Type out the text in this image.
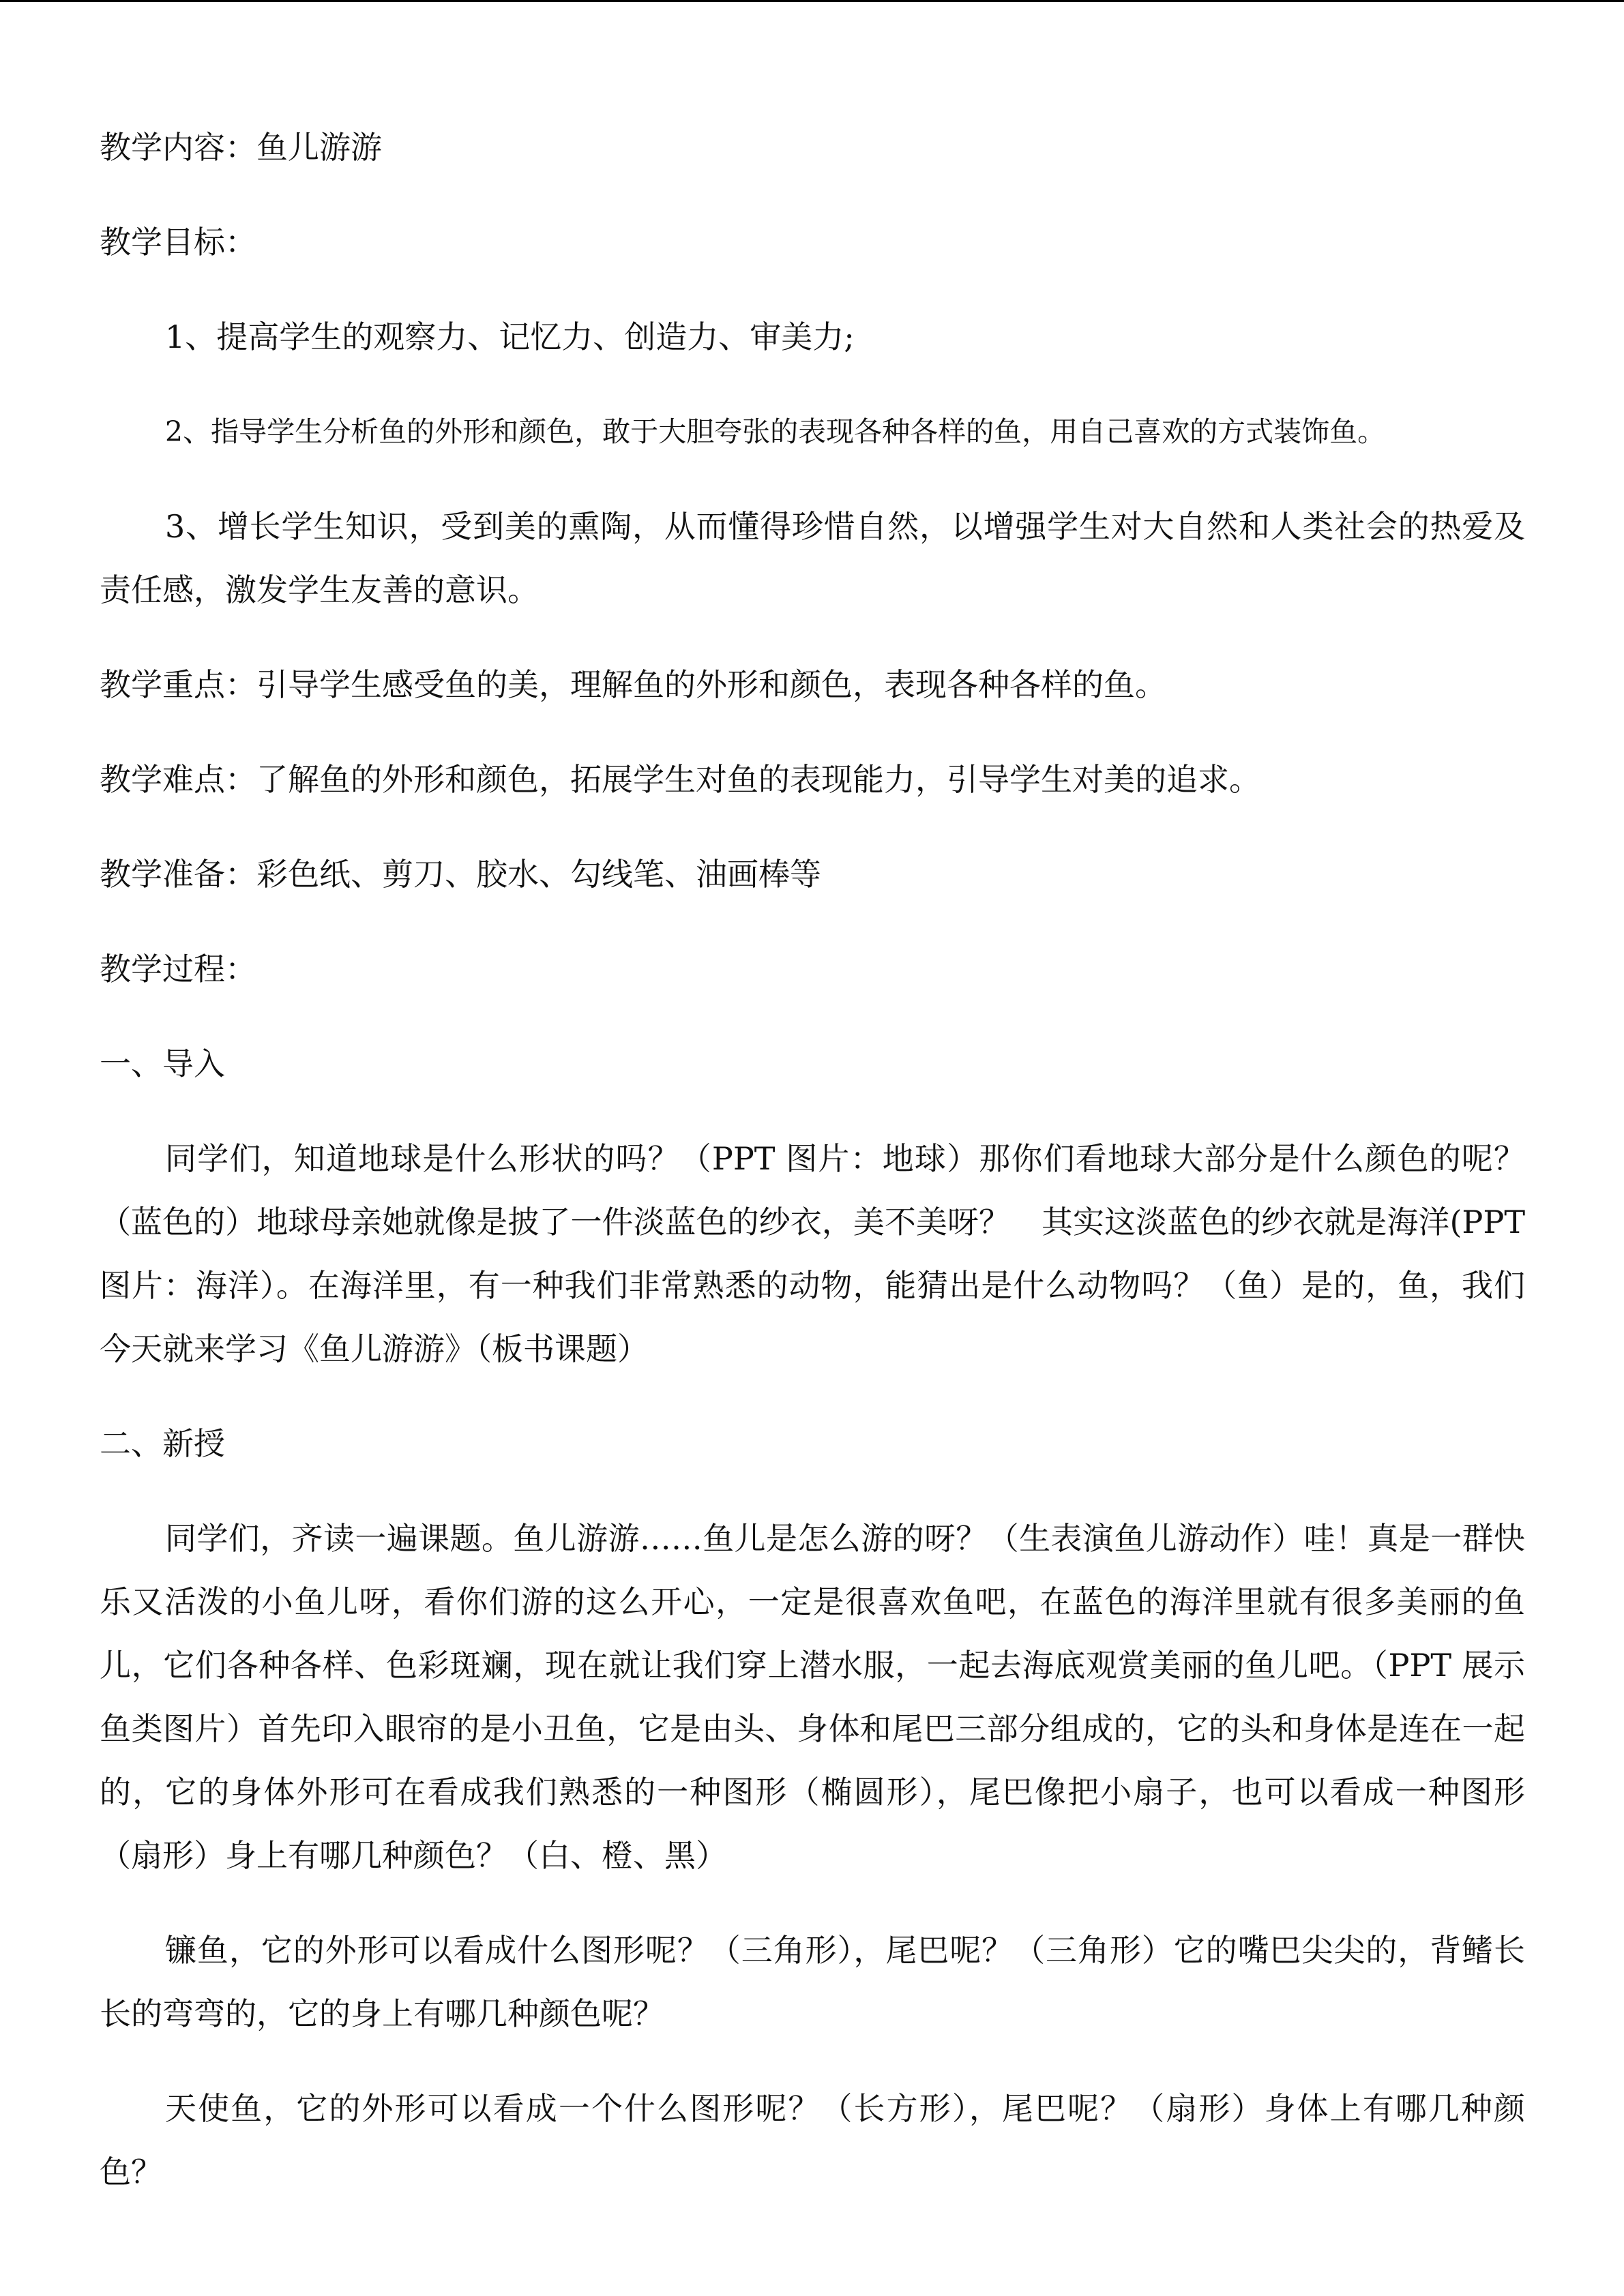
教学内容：鱼儿游游

教学目标：

1、提高学生的观察力、记忆力、创造力、审美力;

2、指导学生分析鱼的外形和颜色，敢于大胆夸张的表现各种各样的鱼，用自己喜欢的方式装饰鱼。

3、增长学生知识，受到美的熏陶，从而懂得珍惜自然，以增强学生对大自然和人类社会的热爱及责任感，激发学生友善的意识。

教学重点：引导学生感受鱼的美，理解鱼的外形和颜色，表现各种各样的鱼。

教学难点：了解鱼的外形和颜色，拓展学生对鱼的表现能力，引导学生对美的追求。

教学准备：彩色纸、剪刀、胶水、勾线笔、油画棒等

教学过程：

一、导入

同学们，知道地球是什么形状的吗？（PPT 图片：地球）那你们看地球大部分是什么颜色的呢？（蓝色的）地球母亲她就像是披了一件淡蓝色的纱衣，美不美呀？　其实这淡蓝色的纱衣就是海洋(PPT 图片：海洋）。在海洋里，有一种我们非常熟悉的动物，能猜出是什么动物吗？（鱼）是的，鱼，我们今天就来学习《鱼儿游游》（板书课题）

二、新授

同学们，齐读一遍课题。鱼儿游游……鱼儿是怎么游的呀？（生表演鱼儿游动作）哇！真是一群快乐又活泼的小鱼儿呀，看你们游的这么开心，一定是很喜欢鱼吧，在蓝色的海洋里就有很多美丽的鱼儿，它们各种各样、色彩斑斓，现在就让我们穿上潜水服，一起去海底观赏美丽的鱼儿吧。（PPT 展示鱼类图片）首先印入眼帘的是小丑鱼，它是由头、身体和尾巴三部分组成的，它的头和身体是连在一起的，它的身体外形可在看成我们熟悉的一种图形（椭圆形），尾巴像把小扇子，也可以看成一种图形（扇形）身上有哪几种颜色？（白、橙、黑）

镰鱼，它的外形可以看成什么图形呢？（三角形），尾巴呢？（三角形）它的嘴巴尖尖的，背鳍长长的弯弯的，它的身上有哪几种颜色呢？

天使鱼，它的外形可以看成一个什么图形呢？（长方形），尾巴呢？（扇形）身体上有哪几种颜色？
